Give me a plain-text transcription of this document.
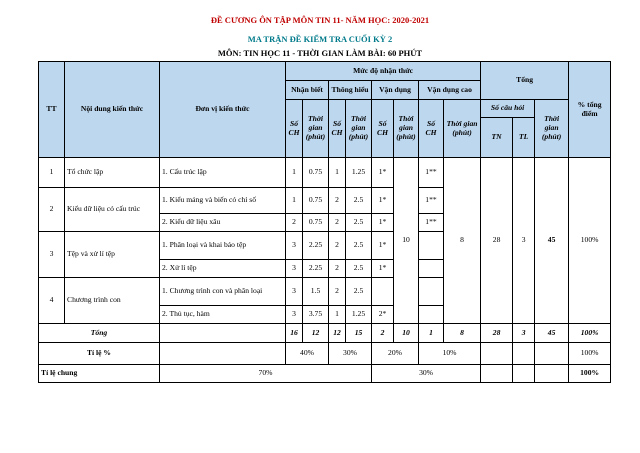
ĐỀ CƯƠNG ÔN TẬP MÔN TIN 11- NĂM HỌC: 2020-2021
MA TRẬN ĐỀ KIỂM TRA CUỐI KỲ 2
MÔN: TIN HỌC 11 - THỜI GIAN LÀM BÀI: 60 PHÚT
TT	Nội dung kiến thức	Đơn vị kiến thức	Mức độ nhận thức								Tổng			% tổng điểm
			Nhận biết		Thông hiểu		Vận dụng		Vận dụng cao					
			Số CH	Thời gian (phút)	Số CH	Thời gian (phút)	Số CH	Thời gian (phút)	Số CH	Thời gian (phút)	Số câu hỏi		Thời gian (phút)	
											TN	TL		
1	Tổ chức lặp	1. Cấu trúc lặp	1	0.75	1	1.25	1*	10	1**	8	28	3	45	100%
2	Kiểu dữ liệu có cấu trúc	1. Kiểu mảng và biến có chỉ số	1	0.75	2	2.5	1*		1**					
		2. Kiểu dữ liệu xâu	2	0.75	2	2.5	1*		1**					
3	Tệp và xử lí tệp	1. Phân loại và khai báo tệp	3	2.25	2	2.5	1*							
		2. Xử lí tệp	3	2.25	2	2.5	1*							
4	Chương trình con	1. Chương trình con và phân loại	3	1.5	2	2.5								
		2. Thủ tục, hàm	3	3.75	1	1.25	2*							
Tổng			16	12	12	15	2	10	1	8	28	3	45	100%
Tỉ lệ %			40%		30%		20%		10%					100%
Tỉ lệ chung		70%					30%							100%
